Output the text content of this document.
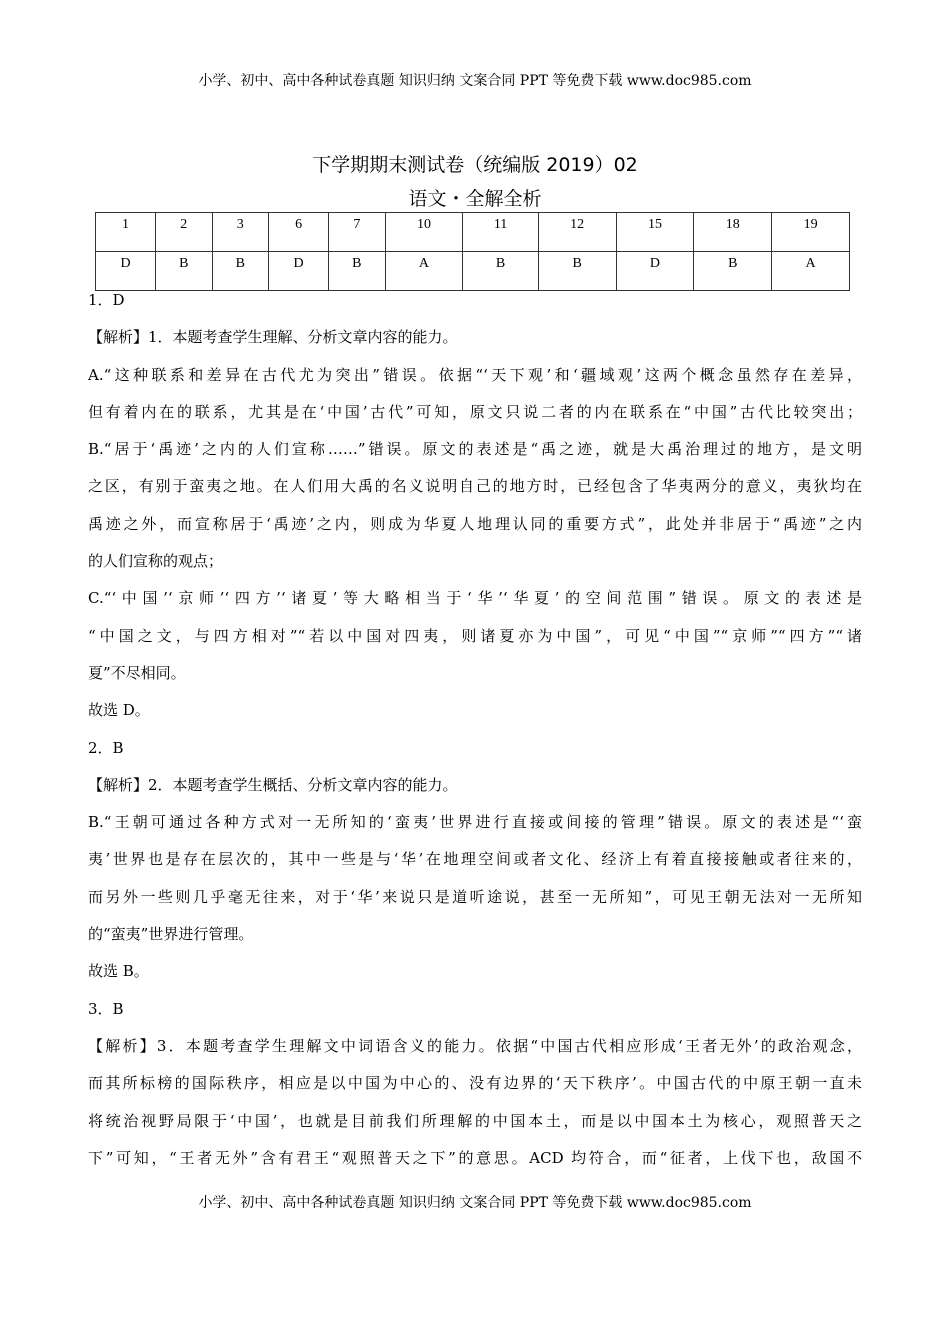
小学、初中、高中各种试卷真题 知识归纳 文案合同 PPT 等免费下载 www.doc985.com
下学期期末测试卷（统编版 2019）02
语文・全解全析
1	2	3	6	7	10	11	12	15	18	19
D	B	B	D	B	A	B	B	D	B	A
1．D
【解析】1．本题考查学生理解、分析文章内容的能力。
A.“这种联系和差异在古代尤为突出”错误。依据“‘天下观’和‘疆域观’这两个概念虽然存在差异，
但有着内在的联系，尤其是在‘中国’古代”可知，原文只说二者的内在联系在“中国”古代比较突出；
B.“居于‘禹迹’之内的人们宣称……”错误。原文的表述是“禹之迹，就是大禹治理过的地方，是文明
之区，有别于蛮夷之地。在人们用大禹的名义说明自己的地方时，已经包含了华夷两分的意义，夷狄均在
禹迹之外，而宣称居于‘禹迹’之内，则成为华夏人地理认同的重要方式”，此处并非居于“禹迹”之内
的人们宣称的观点；
C.“‘中国’‘京师’‘四方’‘诸夏’等大略相当于‘华’‘华夏’的空间范围”错误。原文的表述是
“中国之文，与四方相对”“若以中国对四夷，则诸夏亦为中国”，可见“中国”“京师”“四方”“诸
夏”不尽相同。
故选 D。
2．B
【解析】2．本题考查学生概括、分析文章内容的能力。
B.“王朝可通过各种方式对一无所知的‘蛮夷’世界进行直接或间接的管理”错误。原文的表述是“‘蛮
夷’世界也是存在层次的，其中一些是与‘华’在地理空间或者文化、经济上有着直接接触或者往来的，
而另外一些则几乎毫无往来，对于‘华’来说只是道听途说，甚至一无所知”，可见王朝无法对一无所知
的“蛮夷”世界进行管理。
故选 B。
3．B
【解析】3．本题考查学生理解文中词语含义的能力。依据“中国古代相应形成‘王者无外’的政治观念，
而其所标榜的国际秩序，相应是以中国为中心的、没有边界的‘天下秩序’。中国古代的中原王朝一直未
将统治视野局限于‘中国’，也就是目前我们所理解的中国本土，而是以中国本土为核心，观照普天之
下”可知，“王者无外”含有君王“观照普天之下”的意思。ACD 均符合，而“征者，上伐下也，敌国不
小学、初中、高中各种试卷真题 知识归纳 文案合同 PPT 等免费下载 www.doc985.com
